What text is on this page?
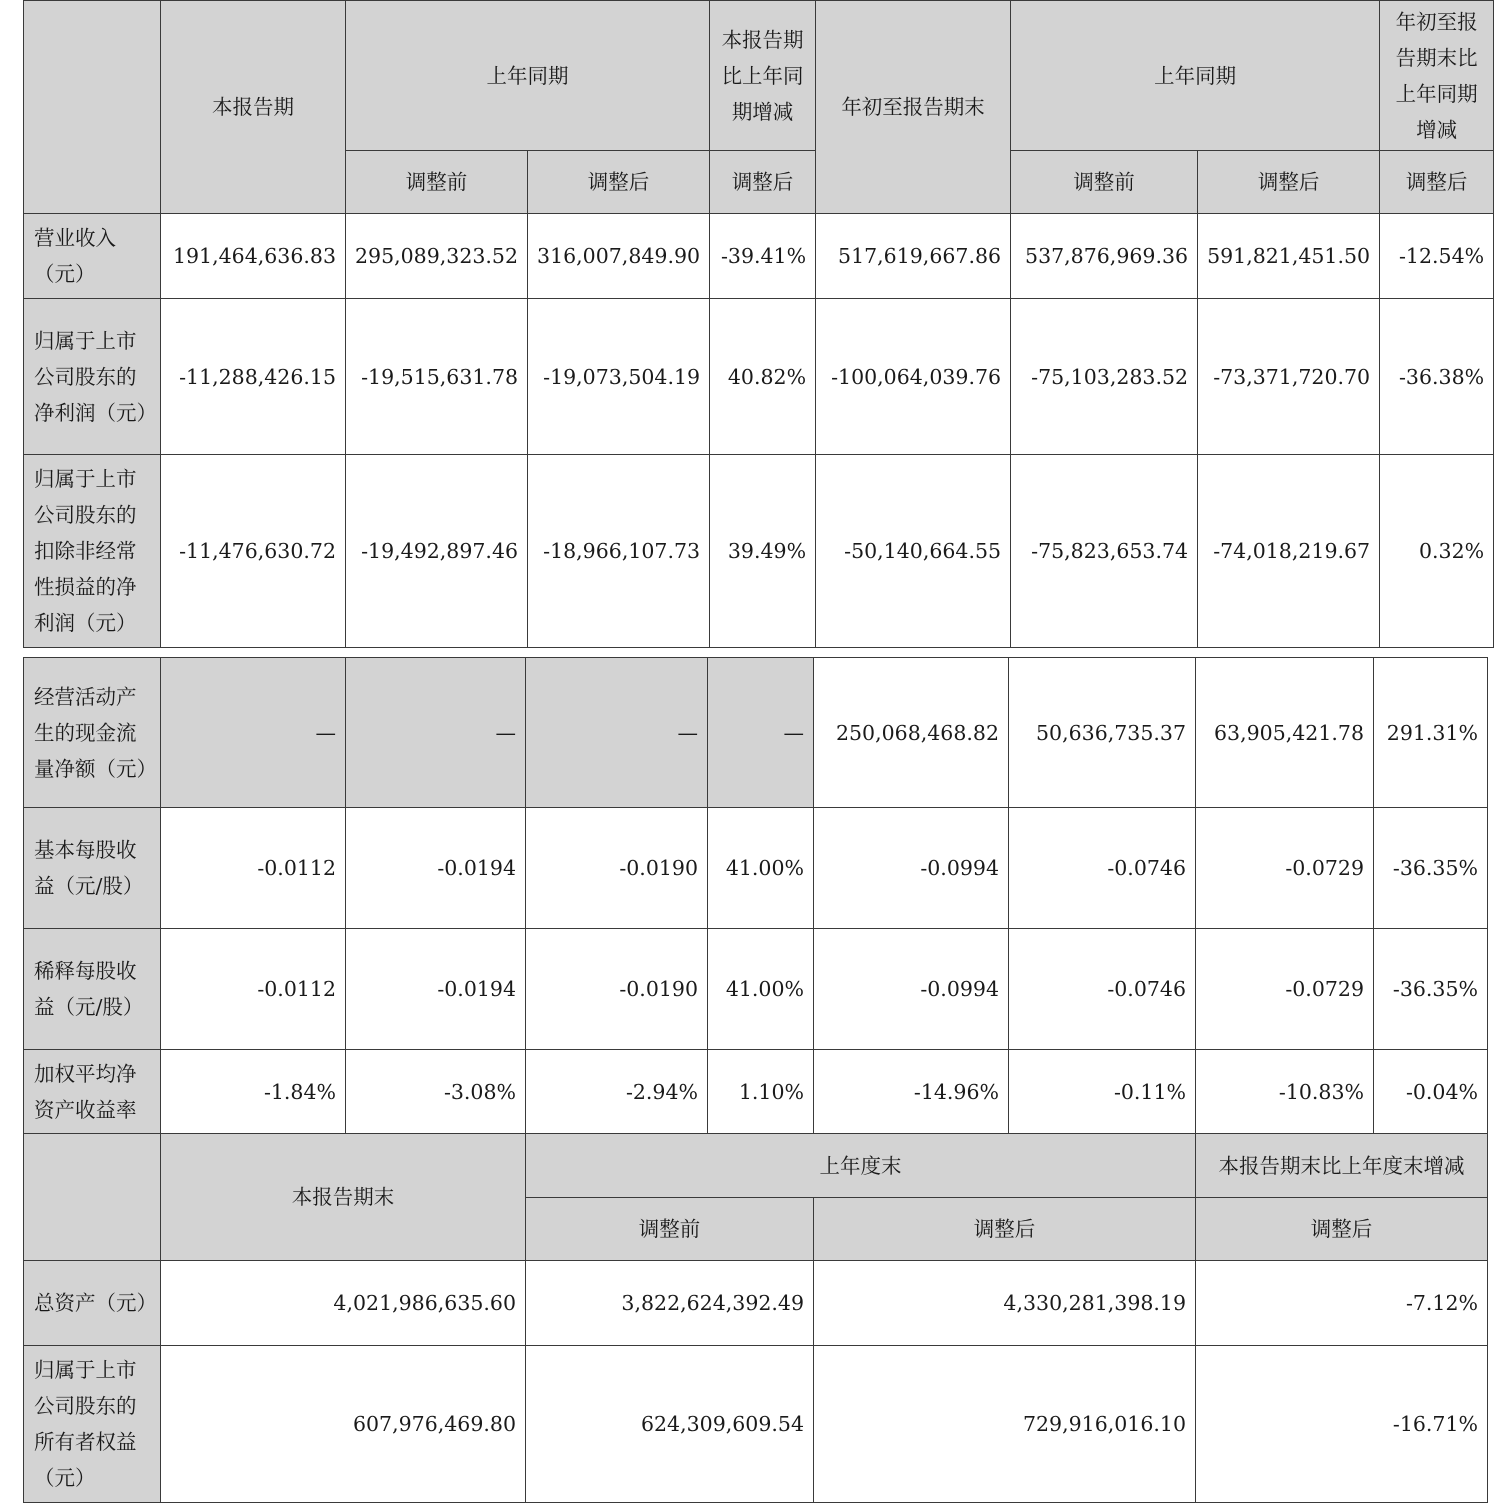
	本报告期	上年同期		本报告期比上年同期增减	年初至报告期末	上年同期		年初至报告期末比上年同期增减
		调整前	调整后	调整后		调整前	调整后	调整后
营业收入（元）	191,464,636.83	295,089,323.52	316,007,849.90	-39.41%	517,619,667.86	537,876,969.36	591,821,451.50	-12.54%
归属于上市公司股东的净利润（元）	-11,288,426.15	-19,515,631.78	-19,073,504.19	40.82%	-100,064,039.76	-75,103,283.52	-73,371,720.70	-36.38%
归属于上市公司股东的扣除非经常性损益的净利润（元）	-11,476,630.72	-19,492,897.46	-18,966,107.73	39.49%	-50,140,664.55	-75,823,653.74	-74,018,219.67	0.32%
经营活动产生的现金流量净额（元）	—	—	—	—	250,068,468.82	50,636,735.37	63,905,421.78	291.31%
基本每股收益（元/股）	-0.0112	-0.0194	-0.0190	41.00%	-0.0994	-0.0746	-0.0729	-36.35%
稀释每股收益（元/股）	-0.0112	-0.0194	-0.0190	41.00%	-0.0994	-0.0746	-0.0729	-36.35%
加权平均净资产收益率	-1.84%	-3.08%	-2.94%	1.10%	-14.96%	-0.11%	-10.83%	-0.04%
	本报告期末	上年度末		本报告期末比上年度末增减
		调整前	调整后	调整后
总资产（元）	4,021,986,635.60	3,822,624,392.49	4,330,281,398.19	-7.12%
归属于上市公司股东的所有者权益（元）	607,976,469.80	624,309,609.54	729,916,016.10	-16.71%
